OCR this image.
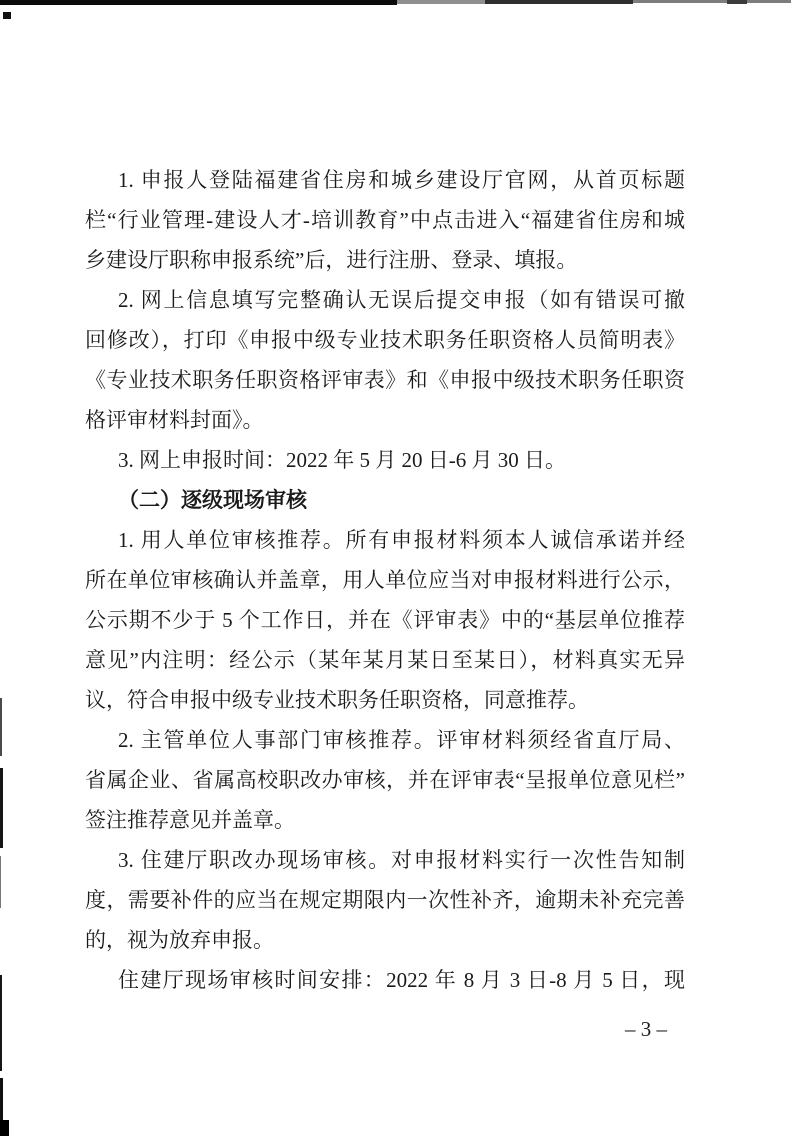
1. 申报人登陆福建省住房和城乡建设厅官网，从首页标题
栏“行业管理-建设人才-培训教育”中点击进入“福建省住房和城
乡建设厅职称申报系统”后，进行注册、登录、填报。
2. 网上信息填写完整确认无误后提交申报（如有错误可撤
回修改），打印《申报中级专业技术职务任职资格人员简明表》
《专业技术职务任职资格评审表》和《申报中级技术职务任职资
格评审材料封面》。
3. 网上申报时间：2022 年 5 月 20 日-6 月 30 日。
（二）逐级现场审核
1. 用人单位审核推荐。所有申报材料须本人诚信承诺并经
所在单位审核确认并盖章，用人单位应当对申报材料进行公示，
公示期不少于 5 个工作日，并在《评审表》中的“基层单位推荐
意见”内注明：经公示（某年某月某日至某日），材料真实无异
议，符合申报中级专业技术职务任职资格，同意推荐。
2. 主管单位人事部门审核推荐。评审材料须经省直厅局、
省属企业、省属高校职改办审核，并在评审表“呈报单位意见栏”
签注推荐意见并盖章。
3. 住建厅职改办现场审核。对申报材料实行一次性告知制
度，需要补件的应当在规定期限内一次性补齐，逾期未补充完善
的，视为放弃申报。
住建厅现场审核时间安排：2022 年 8 月 3 日-8 月 5 日，现
– 3 –
